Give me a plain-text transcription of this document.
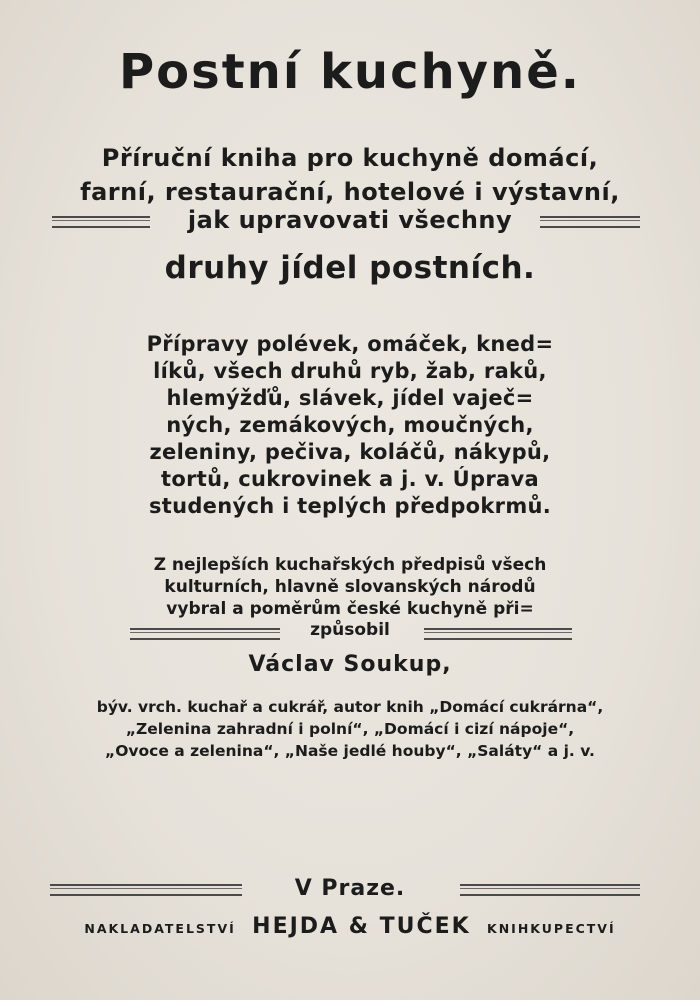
Postní kuchyně.
Příruční kniha pro kuchyně domácí,
farní, restaurační, hotelové i výstavní,
jak upravovati všechny
druhy jídel postních.
Přípravy polévek, omáček, kned=
líků, všech druhů ryb, žab, raků,
hlemýžďů, slávek, jídel vaječ=
ných, zemákových, moučných,
zeleniny, pečiva, koláčů, nákypů,
tortů, cukrovinek a j. v. Úprava
studených i teplých předpokrmů.
Z nejlepších kuchařských předpisů všech
kulturních, hlavně slovanských národů
vybral a poměrům české kuchyně při=
způsobil
Václav Soukup,
býv. vrch. kuchař a cukrář, autor knih „Domácí cukrárna“,
„Zelenina zahradní i polní“, „Domácí i cizí nápoje“,
„Ovoce a zelenina“, „Naše jedlé houby“, „Saláty“ a j. v.
V Praze.
NAKLADATELSTVÍ HEJDA & TUČEK KNIHKUPECTVÍ
